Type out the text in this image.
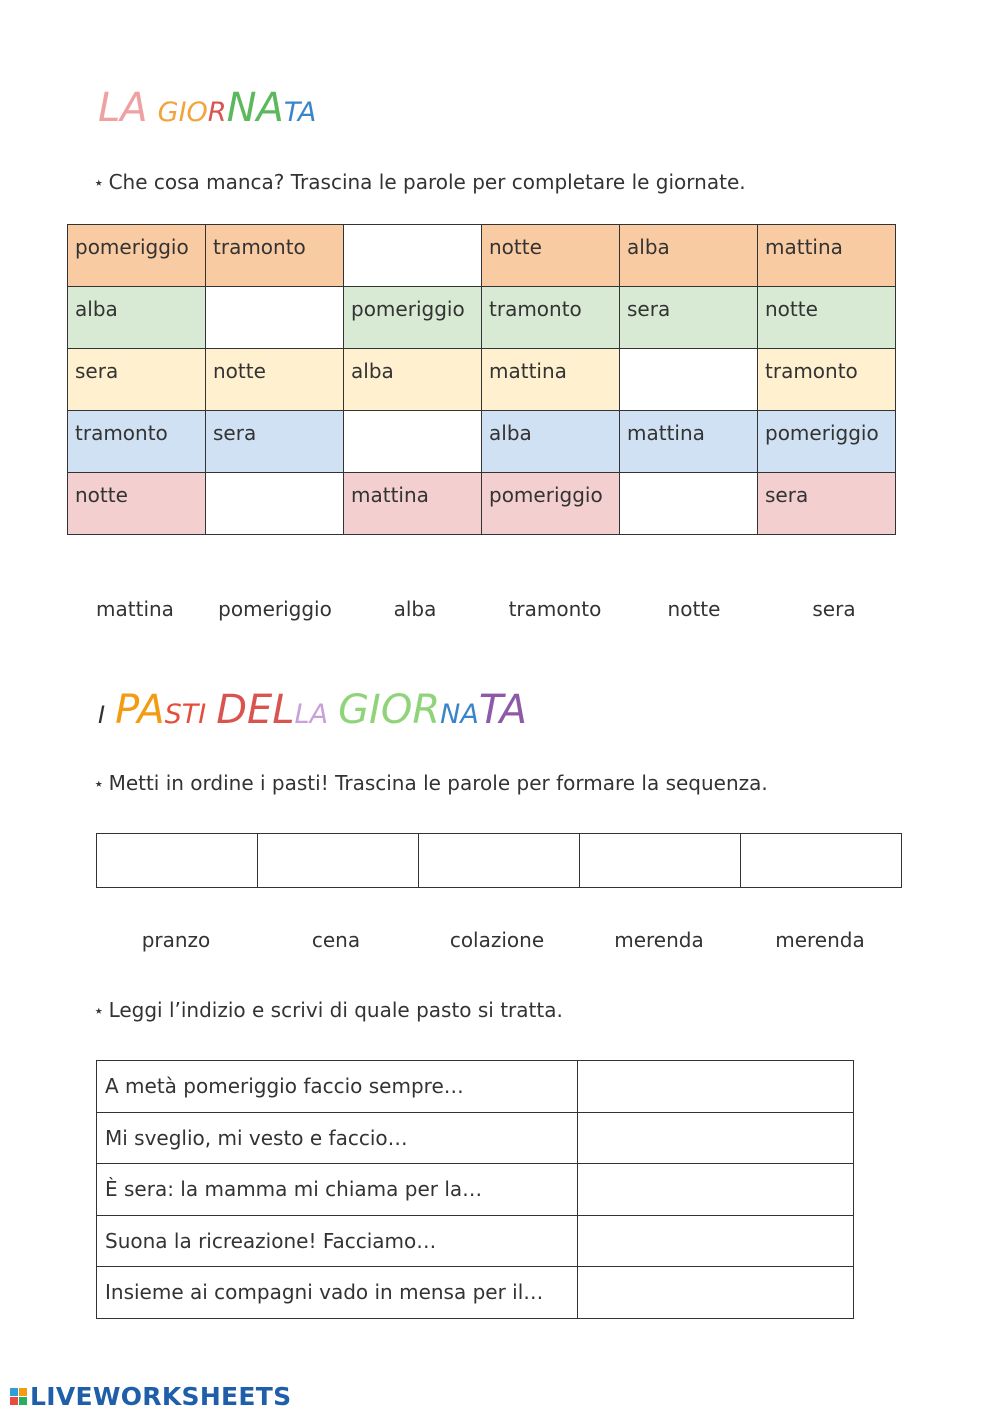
LA GIORNATA
⭑ Che cosa manca? Trascina le parole per completare le giornate.
pomeriggio	tramonto		notte	alba	mattina
alba		pomeriggio	tramonto	sera	notte
sera	notte	alba	mattina		tramonto
tramonto	sera		alba	mattina	pomeriggio
notte		mattina	pomeriggio		sera
mattina	pomeriggio	alba	tramonto	notte	sera
I PASTI DELLA GIORNATA
⭑ Metti in ordine i pasti! Trascina le parole per formare la sequenza.

pranzo	cena	colazione	merenda	merenda
⭑ Leggi l’indizio e scrivi di quale pasto si tratta.
A metà pomeriggio faccio sempre…	
Mi sveglio, mi vesto e faccio…	
È sera: la mamma mi chiama per la…	
Suona la ricreazione! Facciamo…	
Insieme ai compagni vado in mensa per il…	
LIVEWORKSHEETS
